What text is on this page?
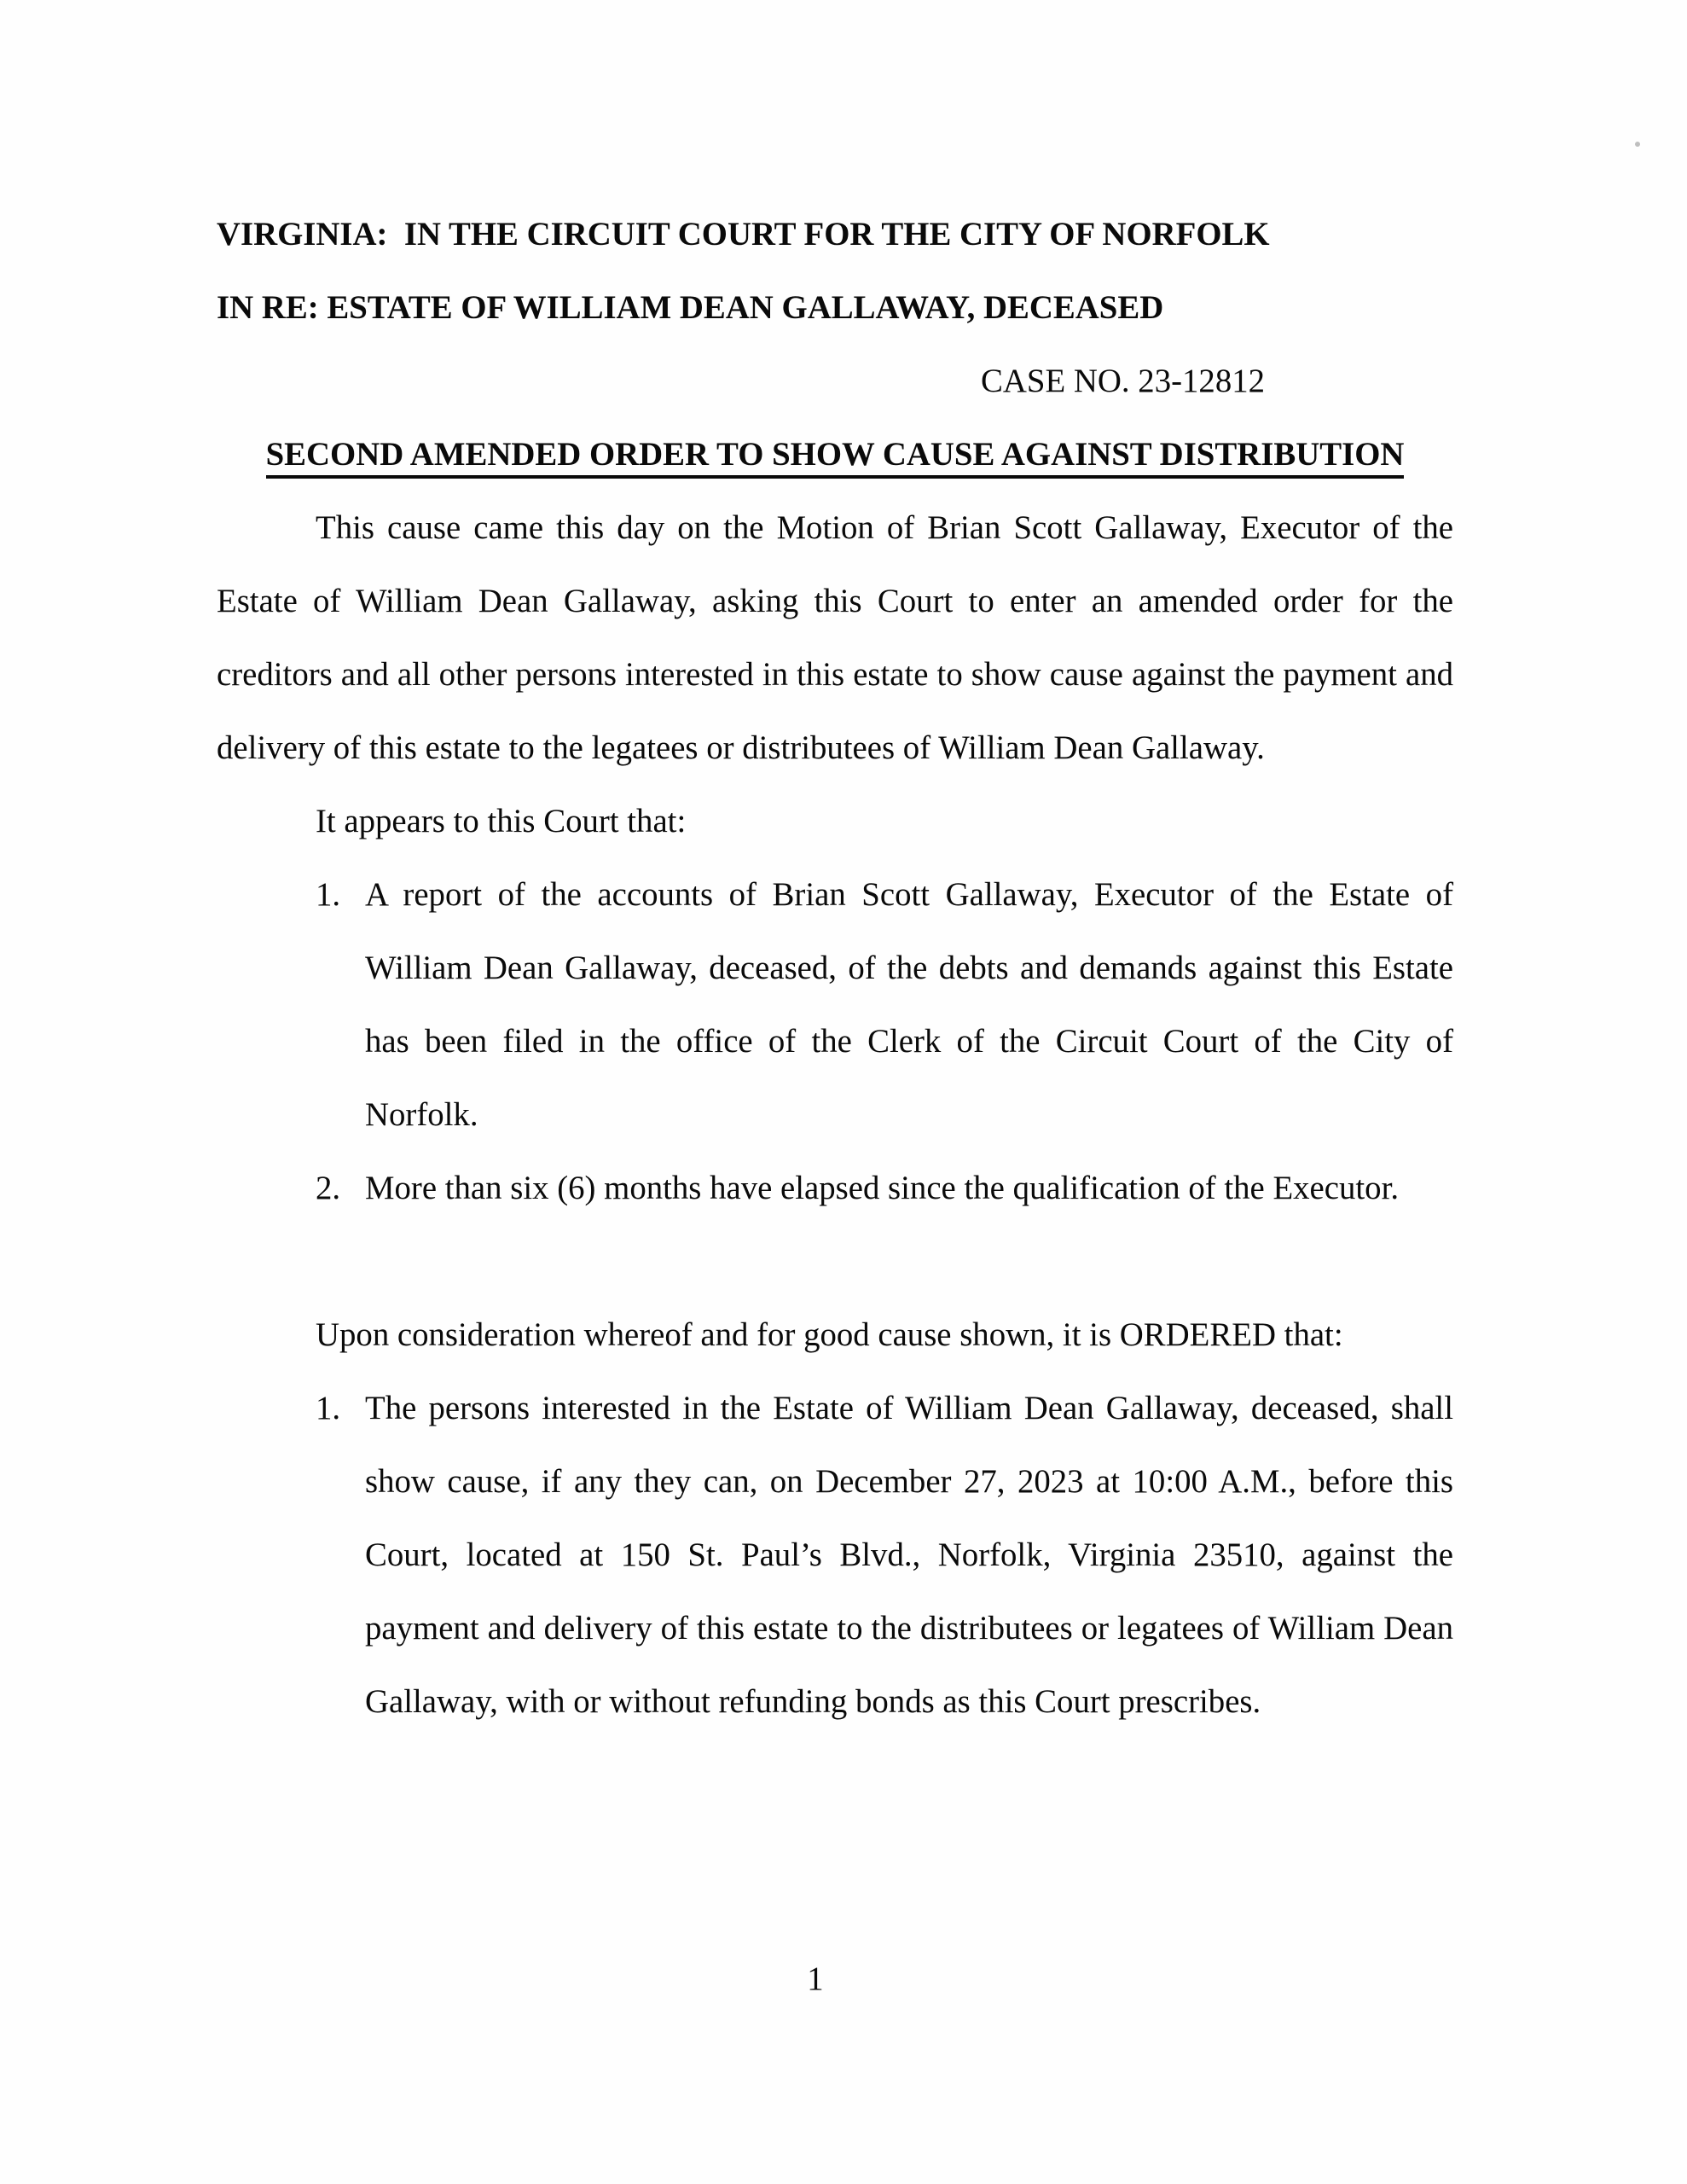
VIRGINIA:  IN THE CIRCUIT COURT FOR THE CITY OF NORFOLK

IN RE: ESTATE OF WILLIAM DEAN GALLAWAY, DECEASED

CASE NO. 23-12812

SECOND AMENDED ORDER TO SHOW CAUSE AGAINST DISTRIBUTION

This cause came this day on the Motion of Brian Scott Gallaway, Executor of the Estate of William Dean Gallaway, asking this Court to enter an amended order for the creditors and all other persons interested in this estate to show cause against the payment and delivery of this estate to the legatees or distributees of William Dean Gallaway.

It appears to this Court that:

1. A report of the accounts of Brian Scott Gallaway, Executor of the Estate of William Dean Gallaway, deceased, of the debts and demands against this Estate has been filed in the office of the Clerk of the Circuit Court of the City of Norfolk.
2. More than six (6) months have elapsed since the qualification of the Executor.

Upon consideration whereof and for good cause shown, it is ORDERED that:

1. The persons interested in the Estate of William Dean Gallaway, deceased, shall show cause, if any they can, on December 27, 2023 at 10:00 A.M., before this Court, located at 150 St. Paul’s Blvd., Norfolk, Virginia 23510, against the payment and delivery of this estate to the distributees or legatees of William Dean Gallaway, with or without refunding bonds as this Court prescribes.
1
